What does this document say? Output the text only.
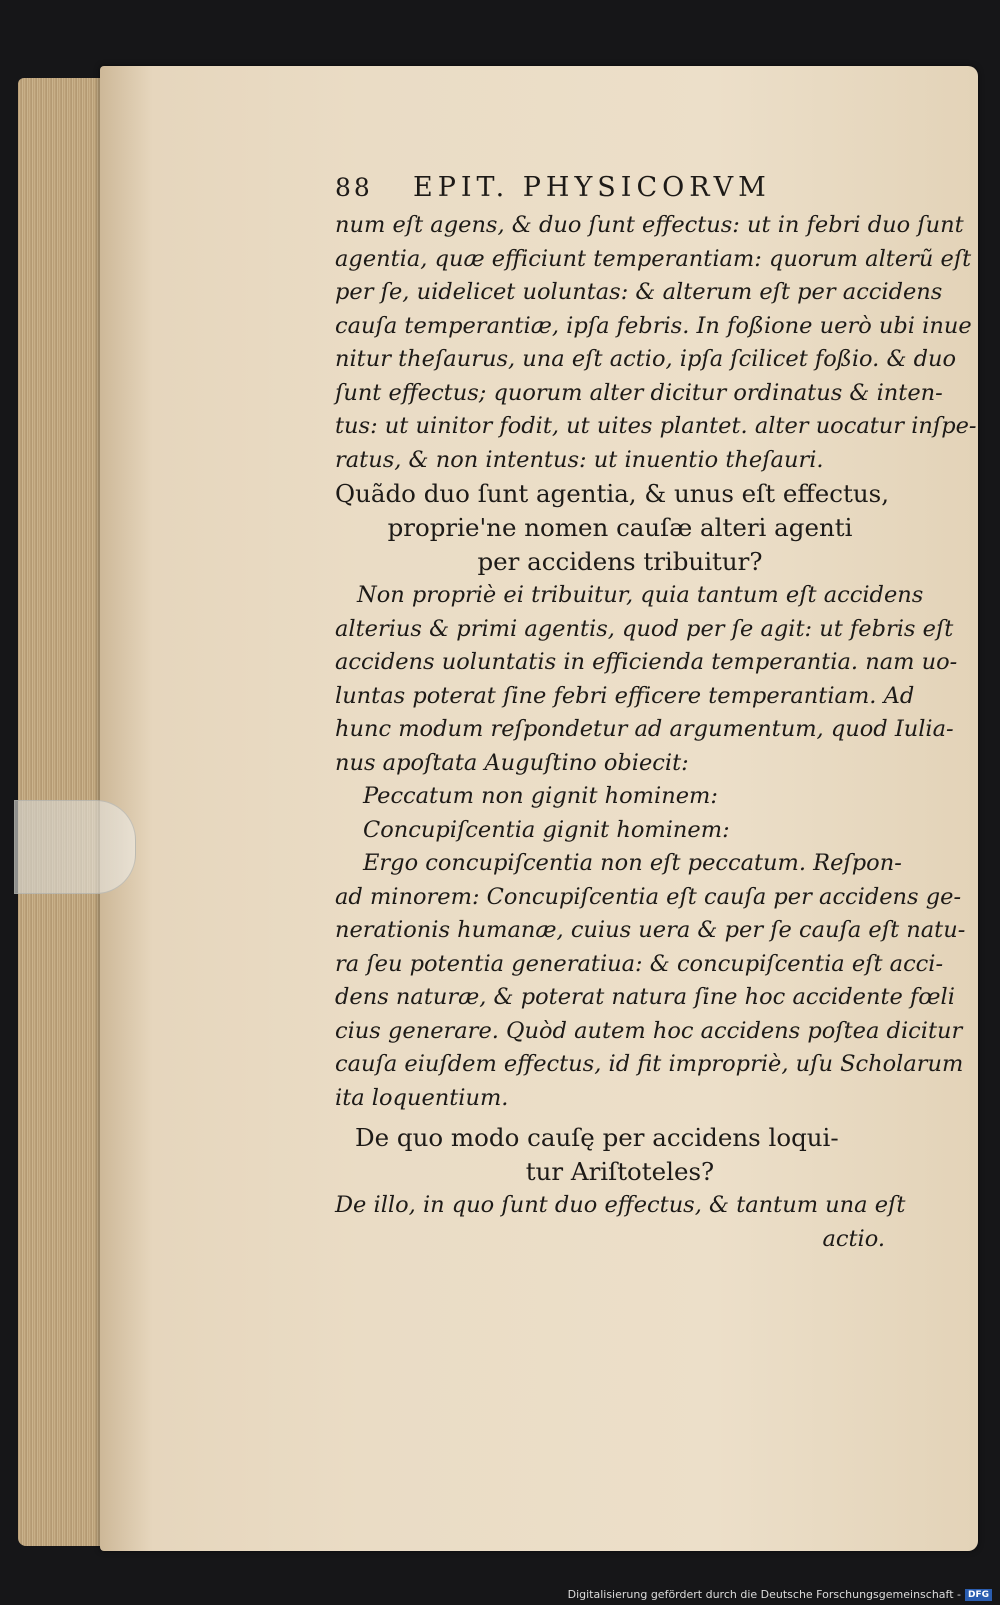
88	EPIT. PHYSICORVM
num eſt agens, & duo ſunt effectus: ut in febri duo ſunt
agentia, quæ efficiunt temperantiam: quorum alterũ eſt
per ſe, uidelicet uoluntas: & alterum eſt per accidens
cauſa temperantiæ, ipſa febris. In foßione uerò ubi inue
nitur theſaurus, una eſt actio, ipſa ſcilicet foßio. & duo
ſunt effectus; quorum alter dicitur ordinatus & inten-
tus: ut uinitor fodit, ut uites plantet. alter uocatur inſpe-
ratus, & non intentus: ut inuentio theſauri.
Quãdo duo ſunt agentia, & unus eſt effectus,
proprie'ne nomen cauſæ alteri agenti
per accidens tribuitur?
Non propriè ei tribuitur, quia tantum eſt accidens
alterius & primi agentis, quod per ſe agit: ut febris eſt
accidens uoluntatis in efficienda temperantia. nam uo-
luntas poterat ſine febri efficere temperantiam. Ad
hunc modum reſpondetur ad argumentum, quod Iulia-
nus apoſtata Auguſtino obiecit:
Peccatum non gignit hominem:
Concupiſcentia gignit hominem:
Ergo concupiſcentia non eſt peccatum. Reſpon-
ad minorem: Concupiſcentia eſt cauſa per accidens ge-
nerationis humanæ, cuius uera & per ſe cauſa eſt natu-
ra ſeu potentia generatiua: & concupiſcentia eſt acci-
dens naturæ, & poterat natura ſine hoc accidente fœli
cius generare. Quòd autem hoc accidens poſtea dicitur
cauſa eiuſdem effectus, id fit impropriè, uſu Scholarum
ita loquentium.
De quo modo cauſę per accidens loqui-
tur Ariſtoteles?
De illo, in quo ſunt duo effectus, & tantum una eſt
actio.
Digitalisierung gefördert durch die Deutsche Forschungsgemeinschaft - DFG
